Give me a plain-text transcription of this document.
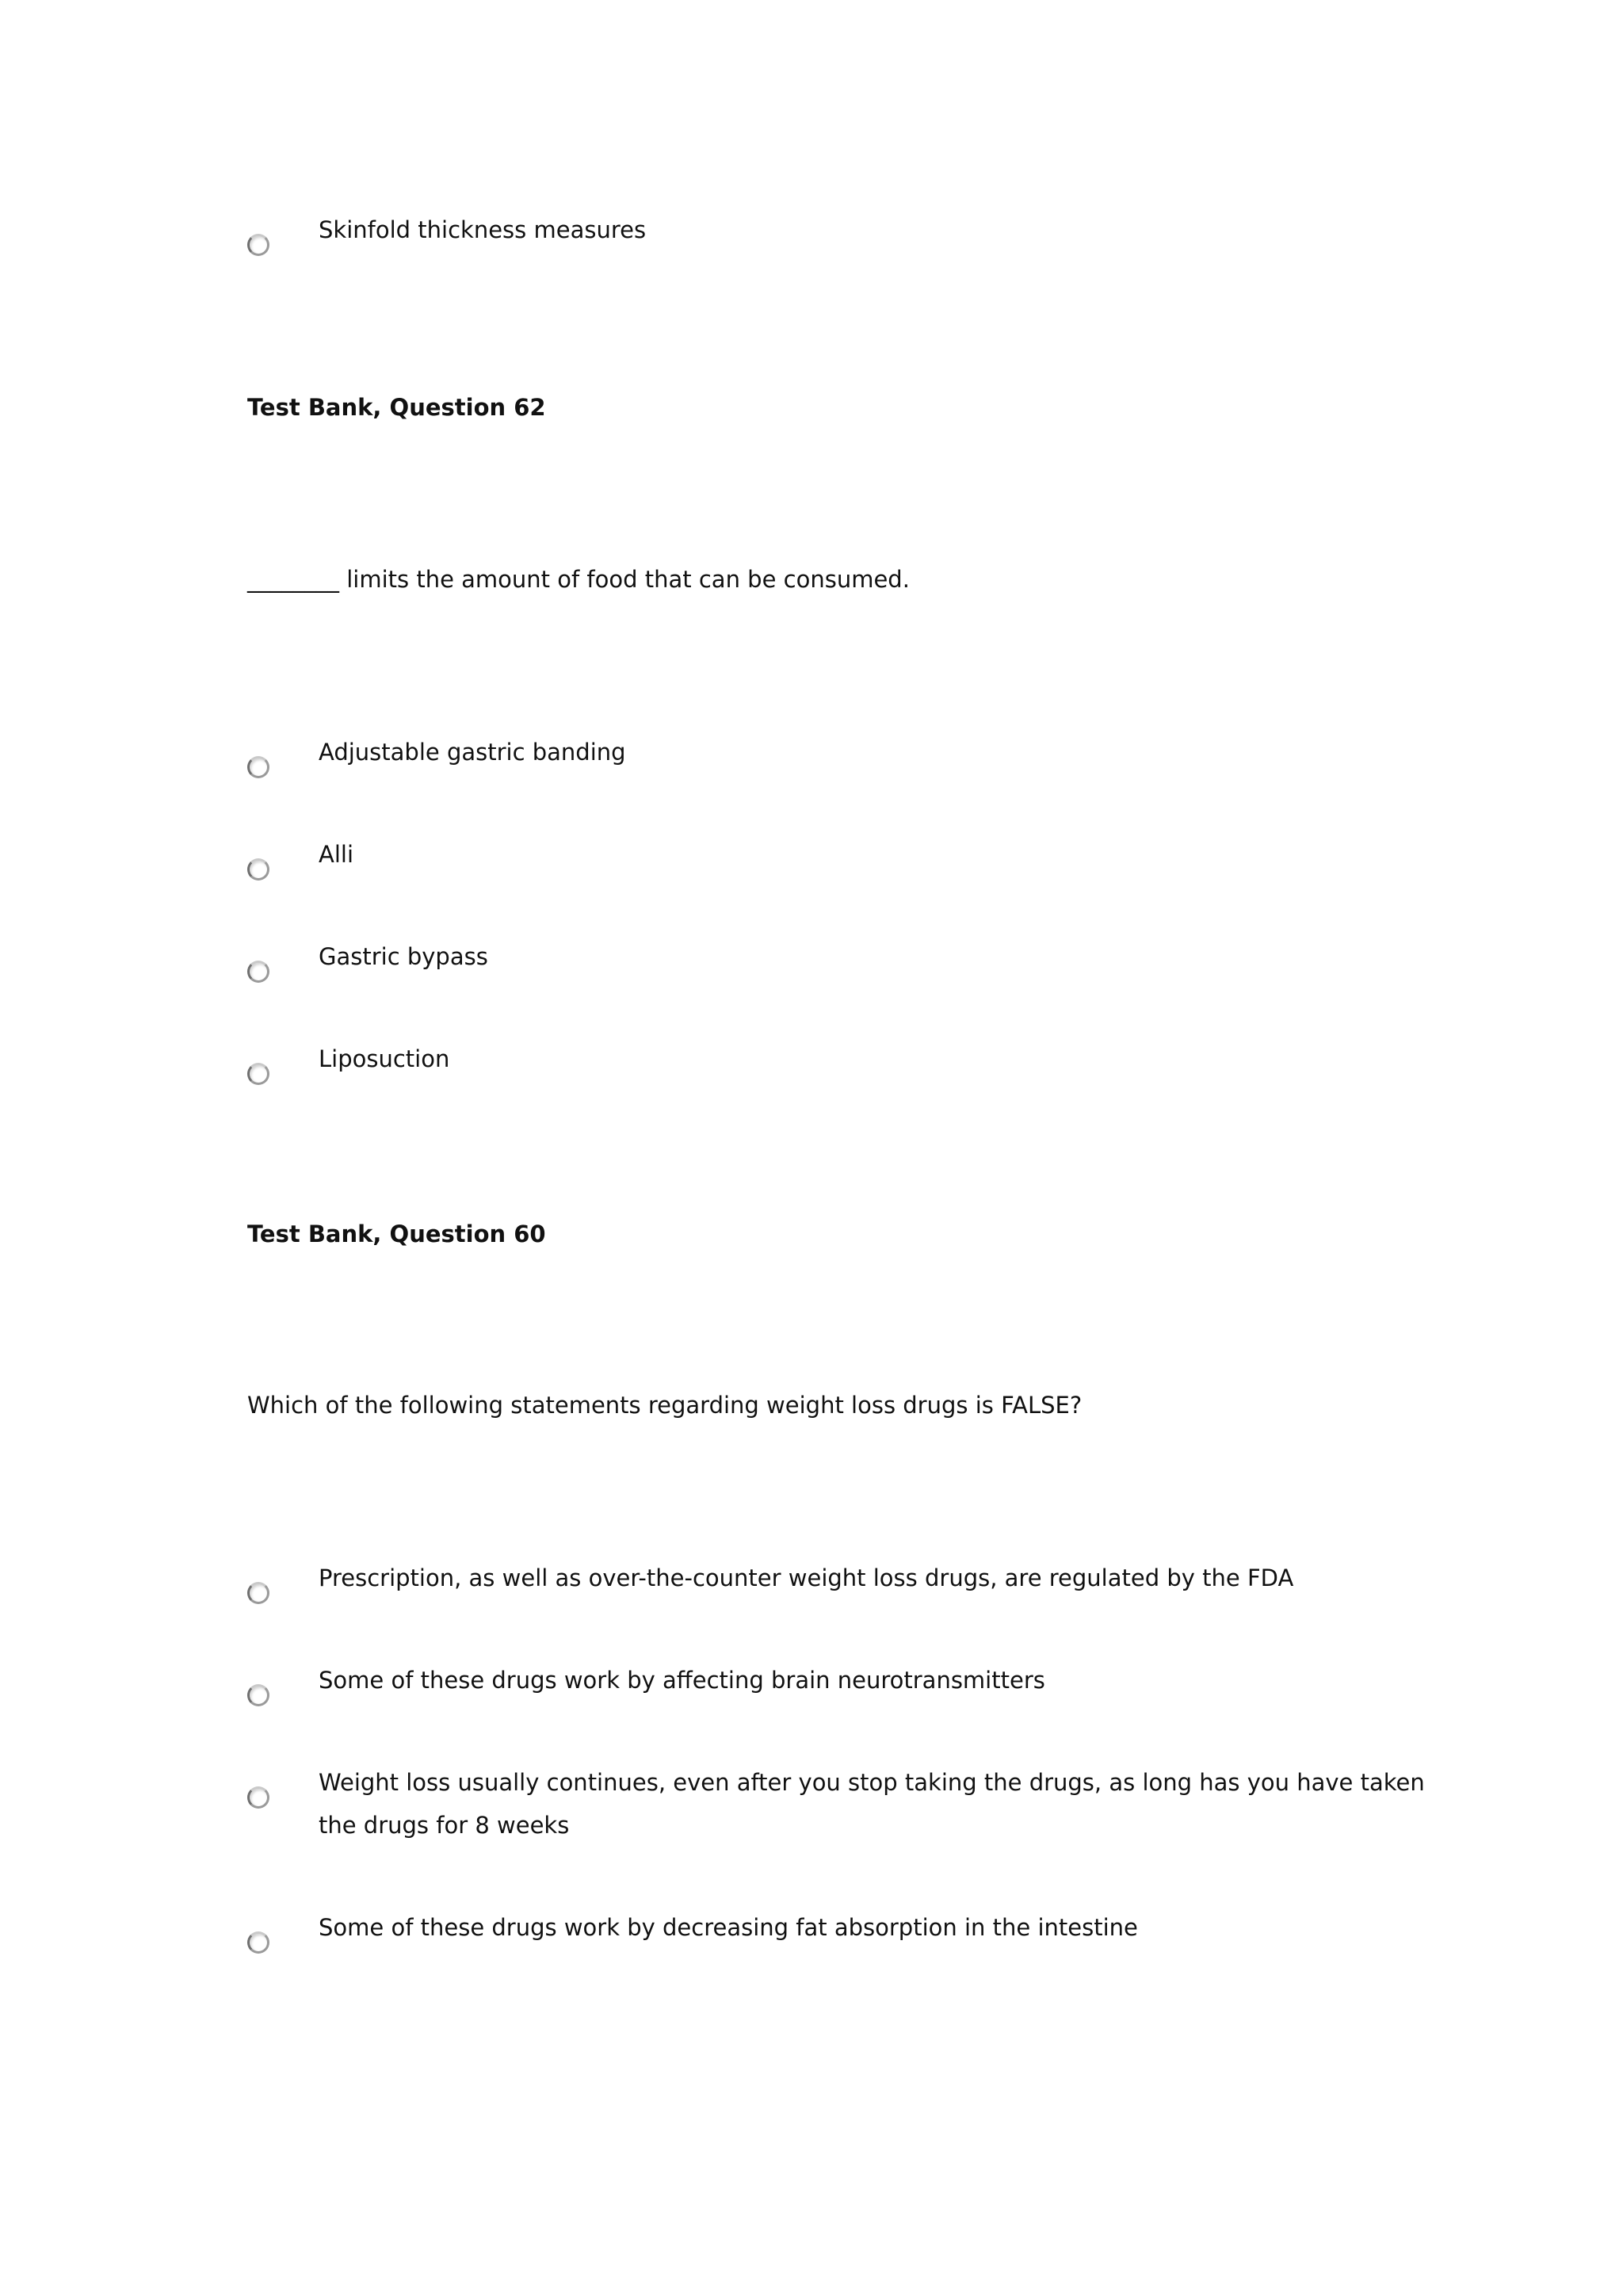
Skinfold thickness measures
Test Bank, Question 62
________ limits the amount of food that can be consumed.
Adjustable gastric banding
Alli
Gastric bypass
Liposuction
Test Bank, Question 60
Which of the following statements regarding weight loss drugs is FALSE?
Prescription, as well as over-the-counter weight loss drugs, are regulated by the FDA
Some of these drugs work by affecting brain neurotransmitters
Weight loss usually continues, even after you stop taking the drugs, as long has you have taken the drugs for 8 weeks
Some of these drugs work by decreasing fat absorption in the intestine
